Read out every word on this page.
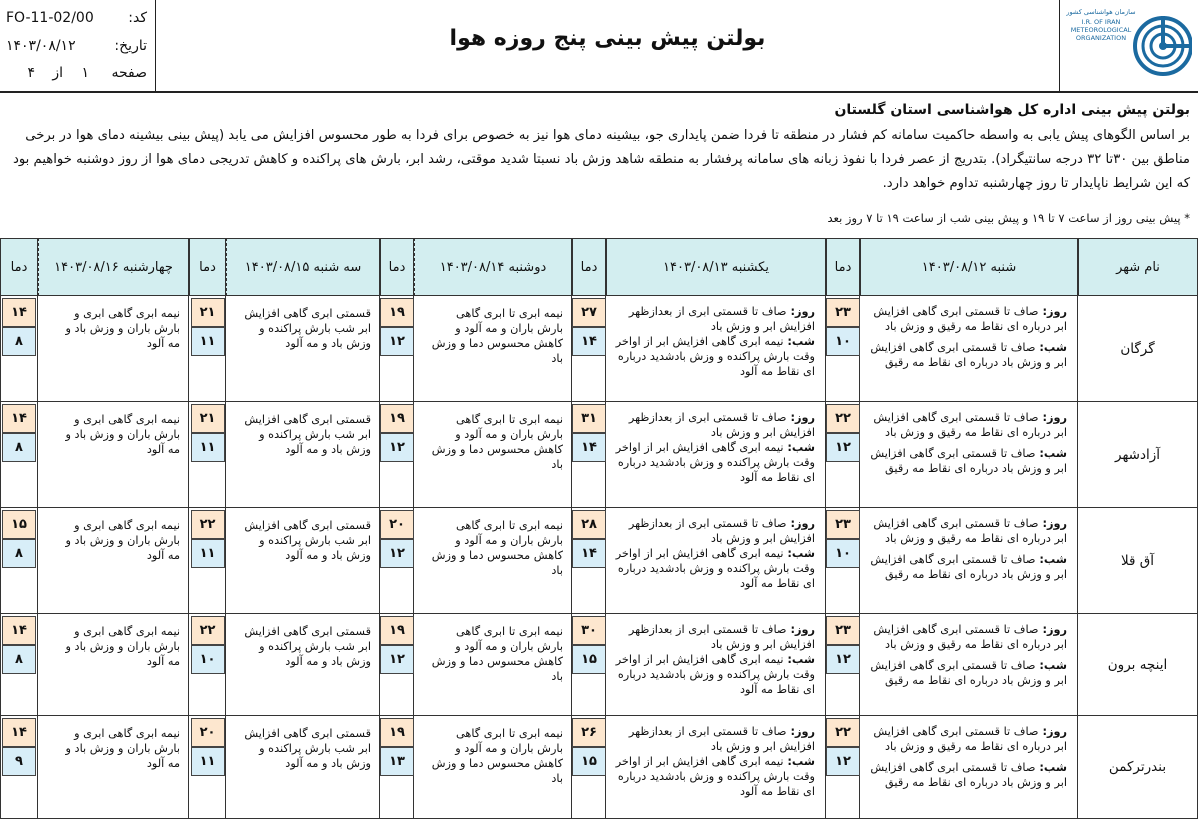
کد:
FO-11-02/00
تاریخ:
۱۴۰۳/۰۸/۱۲
صفحه
۱
از
۴
بولتن پیش بینی پنج روزه هوا
سازمان هواشناسی کشور
I.R. OF IRAN METEOROLOGICAL ORGANIZATION
بولتن پیش بینی اداره کل هواشناسی استان گلستان

بر اساس الگوهای پیش یابی به واسطه حاکمیت سامانه کم فشار در منطقه تا فردا ضمن پایداری جو، بیشینه دمای هوا نیز به خصوص برای فردا به طور محسوس افزایش می یابد (پیش بینی بیشینه دمای هوا در برخی مناطق بین ۳۰تا ۳۲ درجه سانتیگراد). بتدریج از عصر فردا با نفوذ زبانه های سامانه پرفشار به منطقه شاهد وزش باد نسبتا شدید موقتی، رشد ابر، بارش های پراکنده و کاهش تدریجی دمای هوا از روز دوشنبه خواهیم بود که این شرایط ناپایدار تا روز چهارشنبه تداوم خواهد دارد.

* پیش بینی روز از ساعت ۷ تا ۱۹ و پیش بینی شب از ساعت ۱۹ تا ۷ روز بعد
نام شهر
شنبه ۱۴۰۳/۰۸/۱۲
دما
یکشنبه ۱۴۰۳/۰۸/۱۳
دما
دوشنبه ۱۴۰۳/۰۸/۱۴
دما
سه شنبه ۱۴۰۳/۰۸/۱۵
دما
چهارشنبه ۱۴۰۳/۰۸/۱۶
دما
گرگان
روز: صاف تا قسمتی ابری گاهی افزایش ابر درباره ای نقاط مه رقیق و وزش باد
شب: صاف تا قسمتی ابری گاهی افزایش ابر و وزش باد درباره ای نقاط مه رقیق
۲۳
۱۰
روز: صاف تا قسمتی ابری از بعدازظهر افزایش ابر و وزش باد
شب: نیمه ابری گاهی افزایش ابر از اواخر وقت بارش پراکنده و وزش بادشدید درباره ای نقاط مه آلود
۲۷
۱۴
نیمه ابری تا ابری گاهی بارش باران و مه آلود و کاهش محسوس دما و وزش باد
۱۹
۱۲
قسمتی ابری گاهی افزایش ابر شب بارش پراکنده و وزش باد و مه آلود
۲۱
۱۱
نیمه ابری گاهی ابری و بارش باران و وزش باد و مه آلود
۱۴
۸
آزادشهر
روز: صاف تا قسمتی ابری گاهی افزایش ابر درباره ای نقاط مه رقیق و وزش باد
شب: صاف تا قسمتی ابری گاهی افزایش ابر و وزش باد درباره ای نقاط مه رقیق
۲۲
۱۲
روز: صاف تا قسمتی ابری از بعدازظهر افزایش ابر و وزش باد
شب: نیمه ابری گاهی افزایش ابر از اواخر وقت بارش پراکنده و وزش بادشدید درباره ای نقاط مه آلود
۳۱
۱۴
نیمه ابری تا ابری گاهی بارش باران و مه آلود و کاهش محسوس دما و وزش باد
۱۹
۱۲
قسمتی ابری گاهی افزایش ابر شب بارش پراکنده و وزش باد و مه آلود
۲۱
۱۱
نیمه ابری گاهی ابری و بارش باران و وزش باد و مه آلود
۱۴
۸
آق قلا
روز: صاف تا قسمتی ابری گاهی افزایش ابر درباره ای نقاط مه رقیق و وزش باد
شب: صاف تا قسمتی ابری گاهی افزایش ابر و وزش باد درباره ای نقاط مه رقیق
۲۳
۱۰
روز: صاف تا قسمتی ابری از بعدازظهر افزایش ابر و وزش باد
شب: نیمه ابری گاهی افزایش ابر از اواخر وقت بارش پراکنده و وزش بادشدید درباره ای نقاط مه آلود
۲۸
۱۴
نیمه ابری تا ابری گاهی بارش باران و مه آلود و کاهش محسوس دما و وزش باد
۲۰
۱۲
قسمتی ابری گاهی افزایش ابر شب بارش پراکنده و وزش باد و مه آلود
۲۲
۱۱
نیمه ابری گاهی ابری و بارش باران و وزش باد و مه آلود
۱۵
۸
اینچه برون
روز: صاف تا قسمتی ابری گاهی افزایش ابر درباره ای نقاط مه رقیق و وزش باد
شب: صاف تا قسمتی ابری گاهی افزایش ابر و وزش باد درباره ای نقاط مه رقیق
۲۳
۱۲
روز: صاف تا قسمتی ابری از بعدازظهر افزایش ابر و وزش باد
شب: نیمه ابری گاهی افزایش ابر از اواخر وقت بارش پراکنده و وزش بادشدید درباره ای نقاط مه آلود
۳۰
۱۵
نیمه ابری تا ابری گاهی بارش باران و مه آلود و کاهش محسوس دما و وزش باد
۱۹
۱۲
قسمتی ابری گاهی افزایش ابر شب بارش پراکنده و وزش باد و مه آلود
۲۲
۱۰
نیمه ابری گاهی ابری و بارش باران و وزش باد و مه آلود
۱۴
۸
بندرترکمن
روز: صاف تا قسمتی ابری گاهی افزایش ابر درباره ای نقاط مه رقیق و وزش باد
شب: صاف تا قسمتی ابری گاهی افزایش ابر و وزش باد درباره ای نقاط مه رقیق
۲۲
۱۲
روز: صاف تا قسمتی ابری از بعدازظهر افزایش ابر و وزش باد
شب: نیمه ابری گاهی افزایش ابر از اواخر وقت بارش پراکنده و وزش بادشدید درباره ای نقاط مه آلود
۲۶
۱۵
نیمه ابری تا ابری گاهی بارش باران و مه آلود و کاهش محسوس دما و وزش باد
۱۹
۱۳
قسمتی ابری گاهی افزایش ابر شب بارش پراکنده و وزش باد و مه آلود
۲۰
۱۱
نیمه ابری گاهی ابری و بارش باران و وزش باد و مه آلود
۱۴
۹
